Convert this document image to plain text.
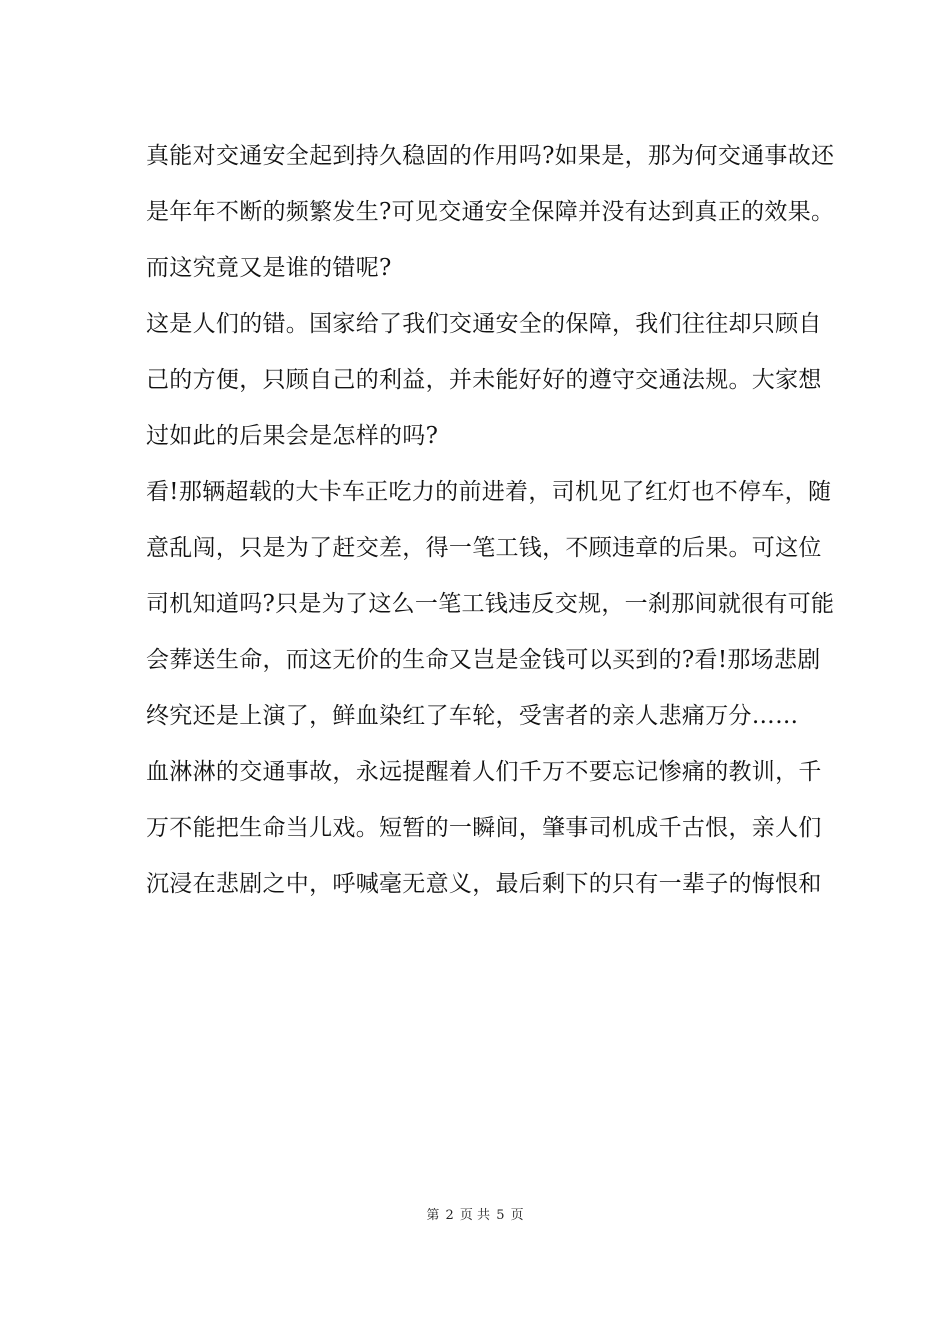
真能对交通安全起到持久稳固的作用吗?如果是，那为何交通事故还
是年年不断的频繁发生?可见交通安全保障并没有达到真正的效果。
而这究竟又是谁的错呢?
这是人们的错。国家给了我们交通安全的保障，我们往往却只顾自
己的方便，只顾自己的利益，并未能好好的遵守交通法规。大家想
过如此的后果会是怎样的吗?
看!那辆超载的大卡车正吃力的前进着，司机见了红灯也不停车，随
意乱闯，只是为了赶交差，得一笔工钱，不顾违章的后果。可这位
司机知道吗?只是为了这么一笔工钱违反交规，一刹那间就很有可能
会葬送生命，而这无价的生命又岂是金钱可以买到的?看!那场悲剧
终究还是上演了，鲜血染红了车轮，受害者的亲人悲痛万分……
血淋淋的交通事故，永远提醒着人们千万不要忘记惨痛的教训，千
万不能把生命当儿戏。短暂的一瞬间，肇事司机成千古恨，亲人们
沉浸在悲剧之中，呼喊毫无意义，最后剩下的只有一辈子的悔恨和
第 2 页 共 5 页
